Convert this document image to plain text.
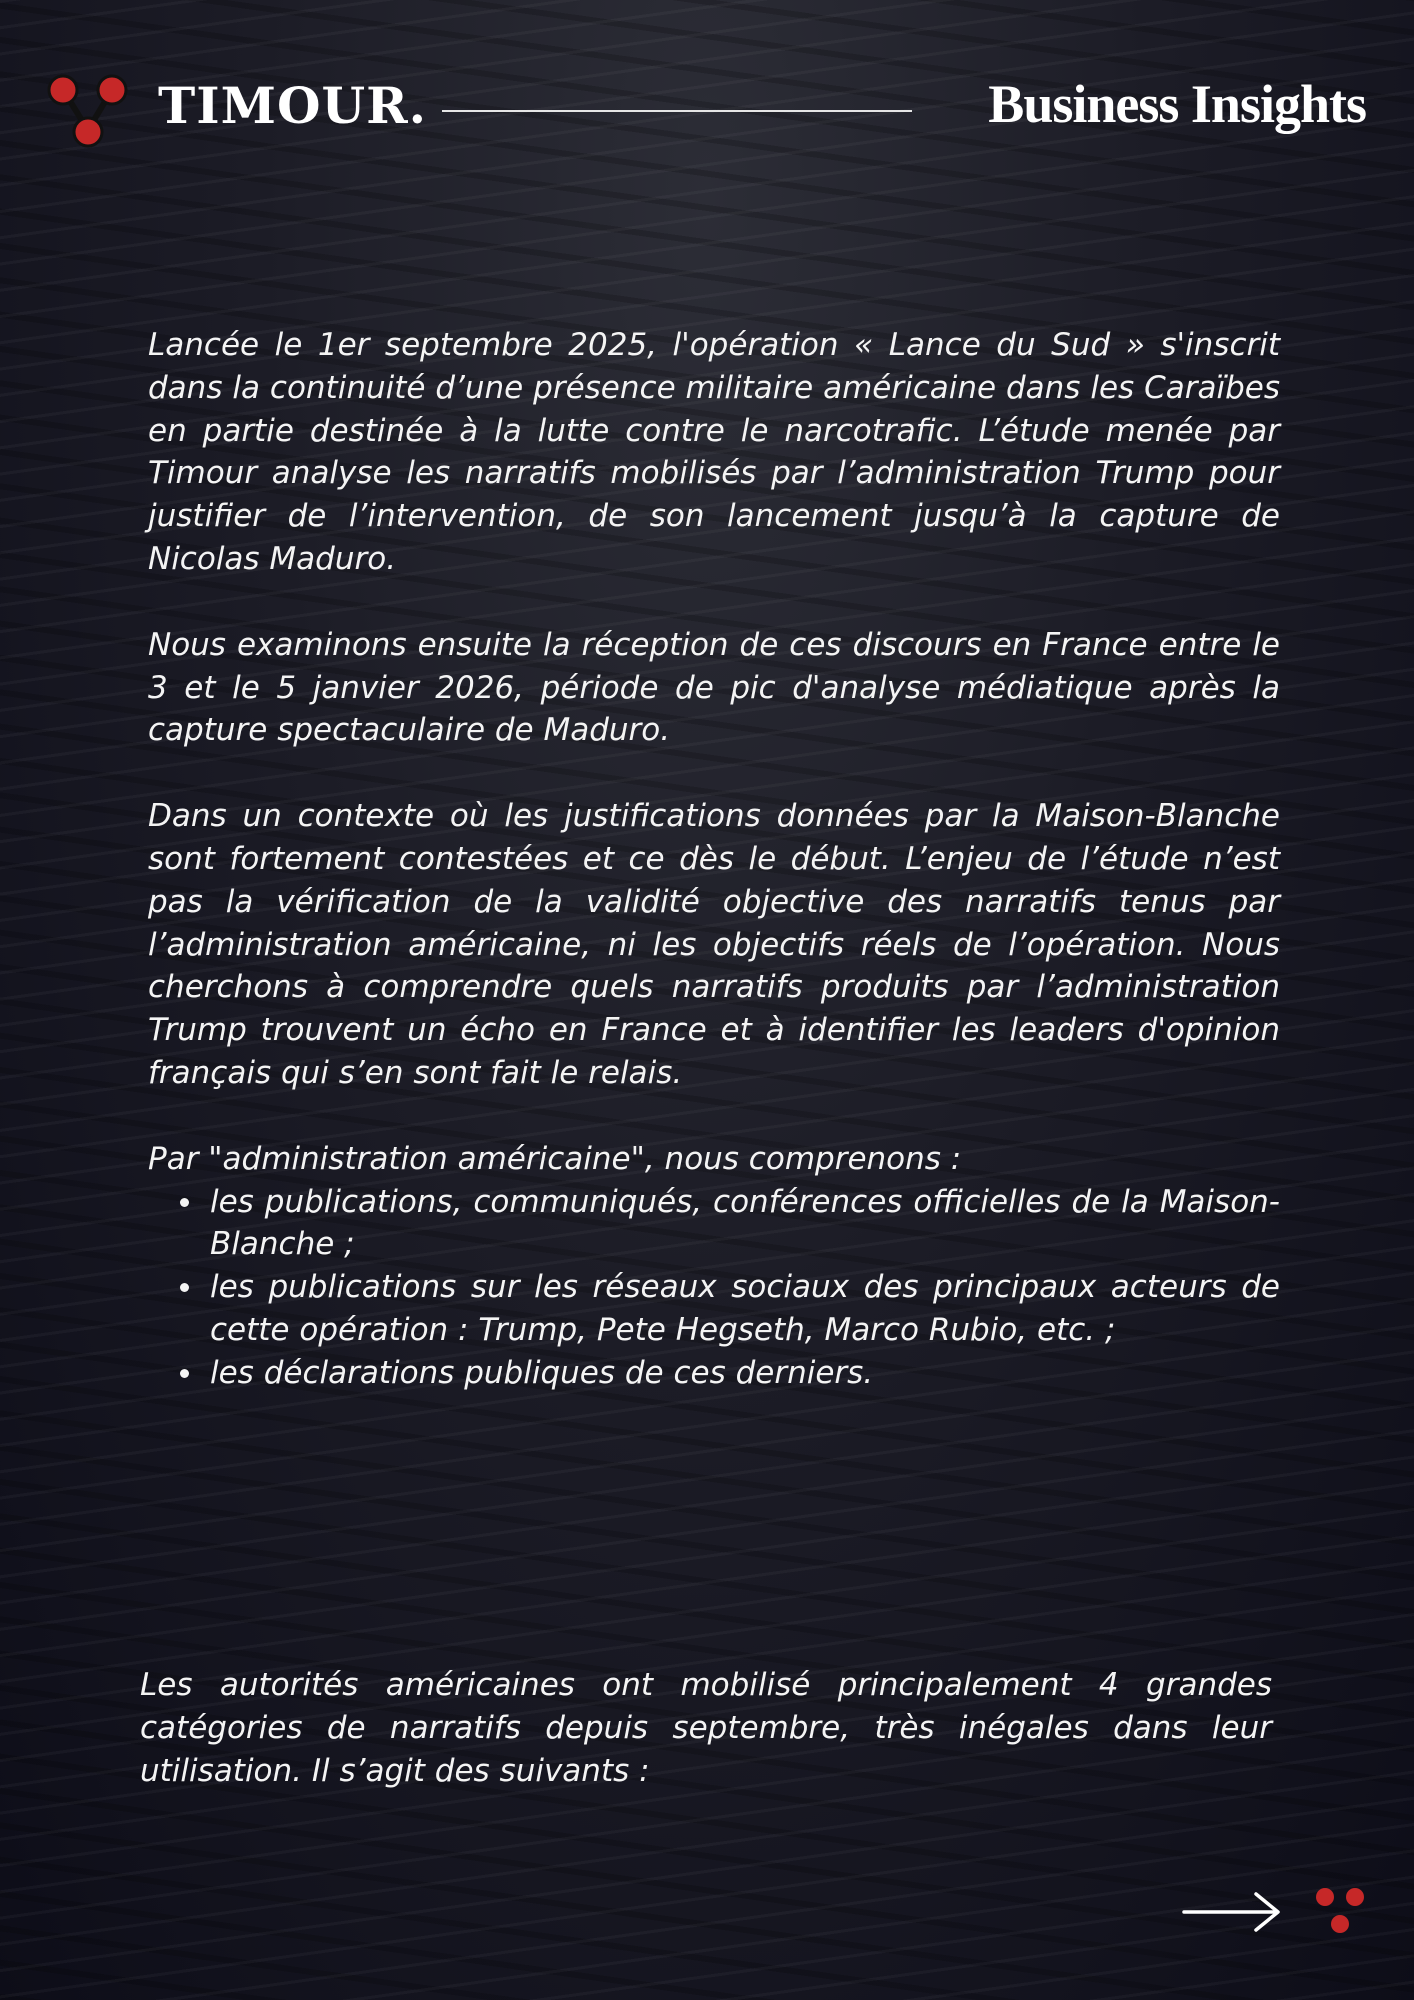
TIMOUR.	Business Insights

Lancée le 1er septembre 2025, l'opération « Lance du Sud » s'inscrit dans la continuité d’une présence militaire américaine dans les Caraïbes en partie destinée à la lutte contre le narcotrafic. L’étude menée par Timour analyse les narratifs mobilisés par l’administration Trump pour justifier de l’intervention, de son lancement jusqu’à la capture de Nicolas Maduro.

Nous examinons ensuite la réception de ces discours en France entre le 3 et le 5 janvier 2026, période de pic d'analyse médiatique après la capture spectaculaire de Maduro.

Dans un contexte où les justifications données par la Maison-Blanche sont fortement contestées et ce dès le début. L’enjeu de l’étude n’est pas la vérification de la validité objective des narratifs tenus par l’administration américaine, ni les objectifs réels de l’opération. Nous cherchons à comprendre quels narratifs produits par l’administration Trump trouvent un écho en France et à identifier les leaders d'opinion français qui s’en sont fait le relais.

Par "administration américaine", nous comprenons :

les publications, communiqués, conférences officielles de la Maison-Blanche ;
les publications sur les réseaux sociaux des principaux acteurs de cette opération : Trump, Pete Hegseth, Marco Rubio, etc. ;
les déclarations publiques de ces derniers.

Les autorités américaines ont mobilisé principalement 4 grandes catégories de narratifs depuis septembre, très inégales dans leur utilisation. Il s’agit des suivants :
